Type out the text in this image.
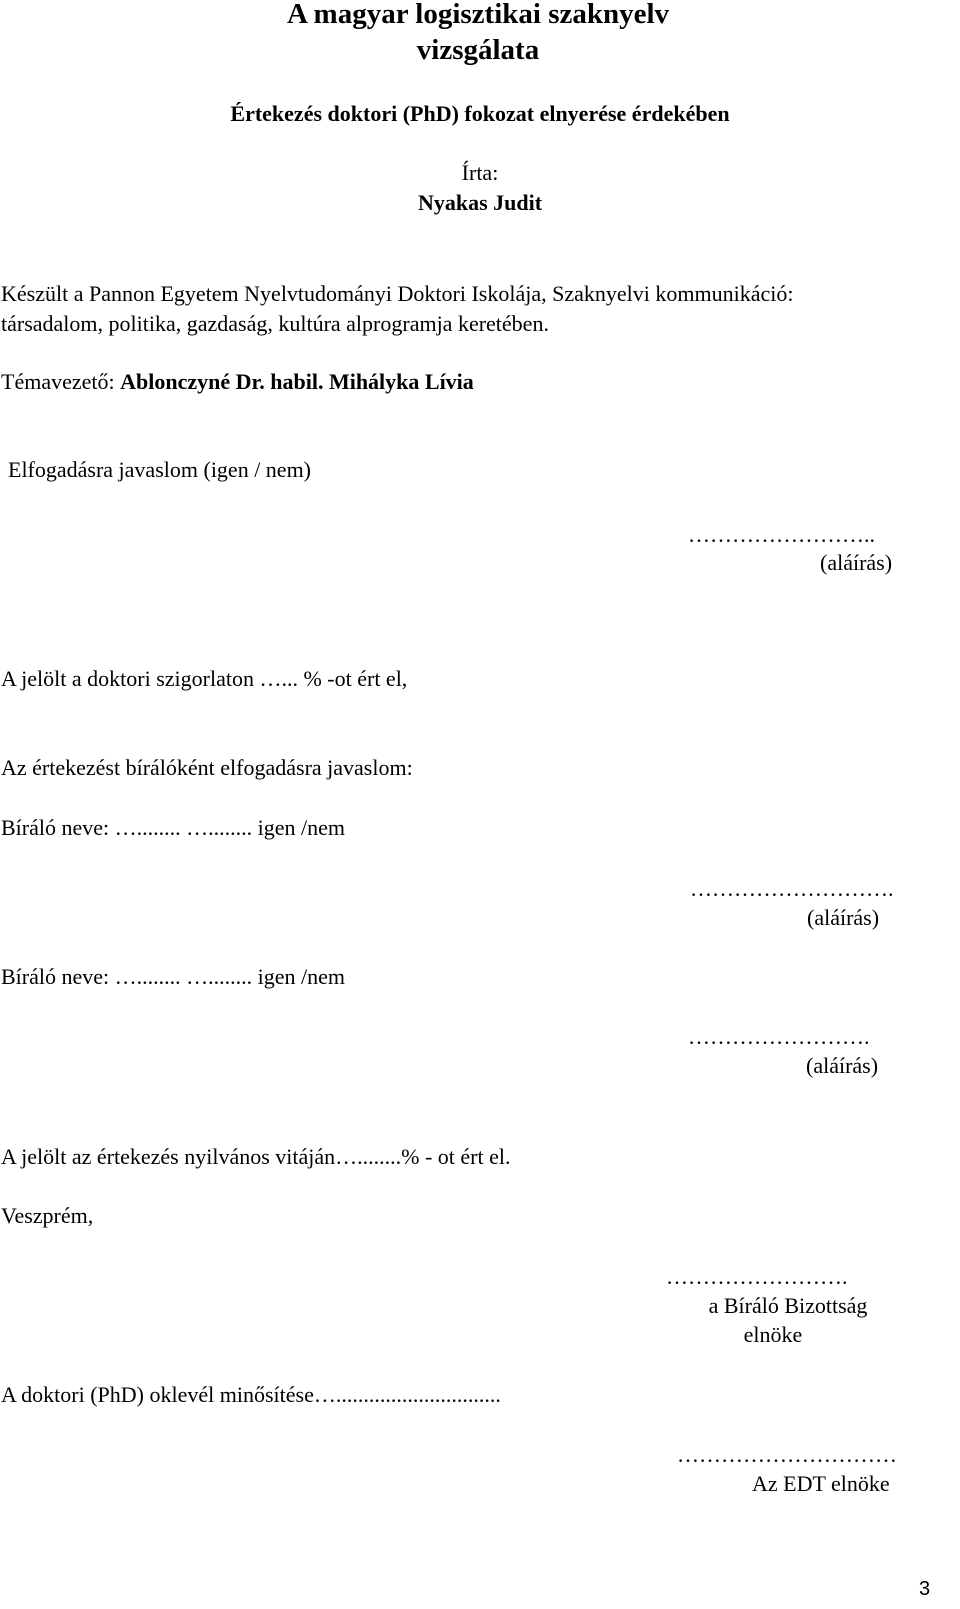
A magyar logisztikai szaknyelv
vizsgálata
Értekezés doktori (PhD) fokozat elnyerése érdekében
Írta:
Nyakas Judit
Készült a Pannon Egyetem Nyelvtudományi Doktori Iskolája, Szaknyelvi kommunikáció:
társadalom, politika, gazdaság, kultúra alprogramja keretében.
Témavezető: Ablonczyné Dr. habil. Mihályka Lívia
Elfogadásra javaslom (igen / nem)
……………………..
(aláírás)
A jelölt a doktori szigorlaton …... % -ot ért el,
Az értekezést bírálóként elfogadásra javaslom:
Bíráló neve: …........ …........ igen /nem
……………………….
(aláírás)
Bíráló neve: …........ …........ igen /nem
…………………….
(aláírás)
A jelölt az értekezés nyilvános vitáján…........% - ot ért el.
Veszprém,
…………………….
a Bíráló Bizottság
elnöke
A doktori (PhD) oklevél minősítése…..............................
…………………………
Az EDT elnöke
3
